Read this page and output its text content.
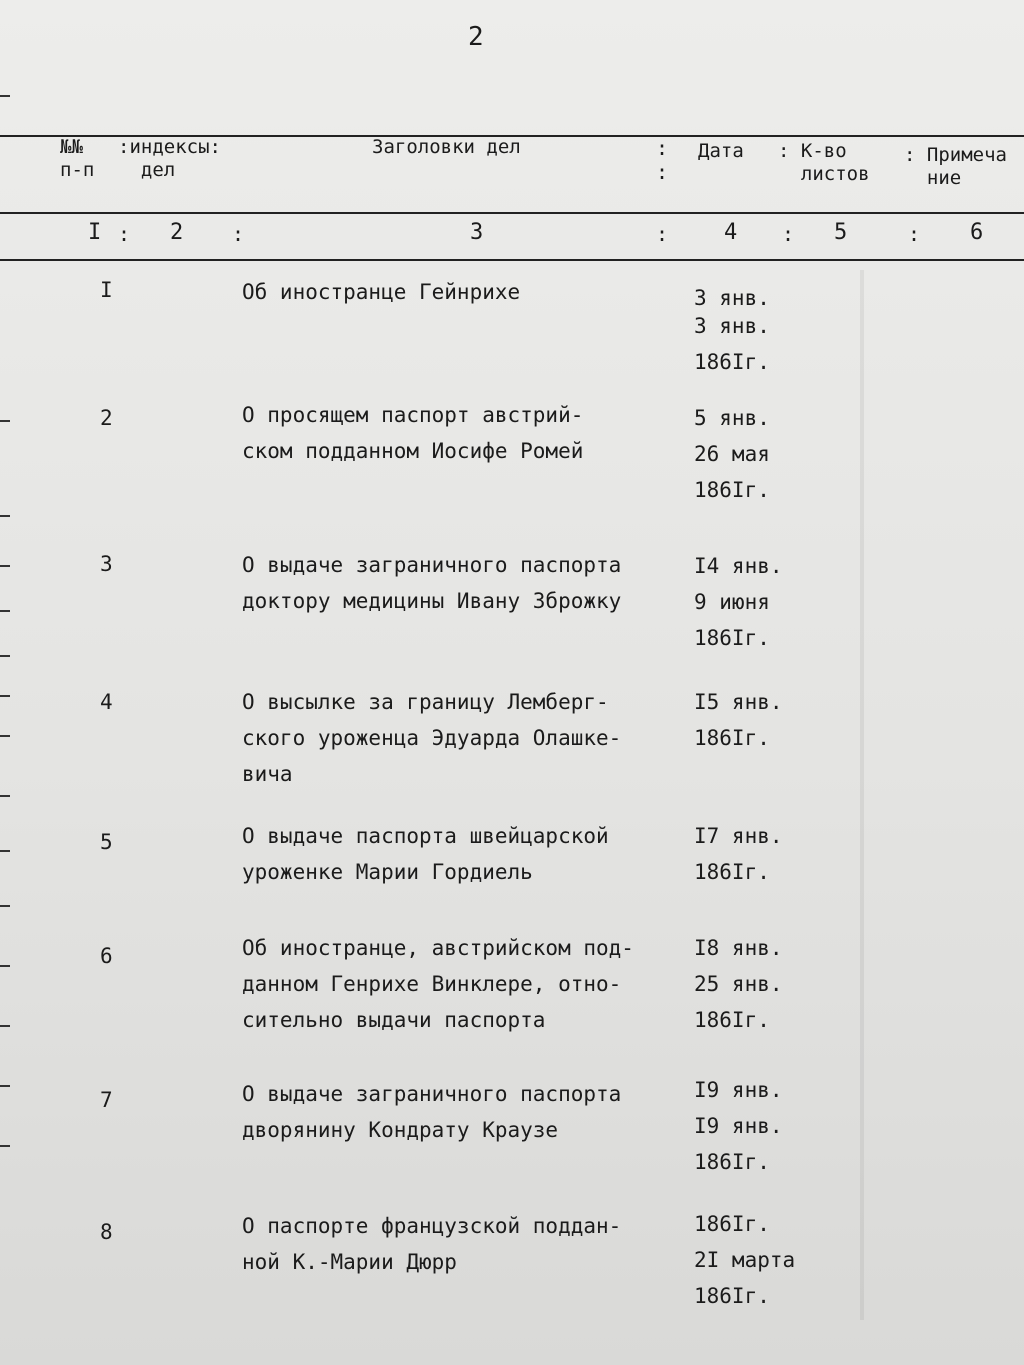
2
№№
п-п
:индексы:
дел
Заголовки дел	:
:
Дата : К-во
листов
: Примеча
ние
I : 2 :	3	:	4 : 5	: 6
I	Об иностранце Гейнрихе	3 янв.
3 янв.
186Iг.
2	О просящем паспорт австрий-
ском подданном Иосифе Ромей
5 янв.
26 мая
186Iг.
3	О выдаче заграничного паспорта
доктору медицины Ивану Зброжку
I4 янв.
9 июня
186Iг.
4	О высылке за границу Лемберг-
ского уроженца Эдуарда Олашке-
вича
I5 янв.
186Iг.
5	О выдаче паспорта швейцарской
уроженке Марии Гордиель
I7 янв.
186Iг.
6	Об иностранце, австрийском под-
данном Генрихе Винклере, отно-
сительно выдачи паспорта
I8 янв.
25 янв.
186Iг.
7	О выдаче заграничного паспорта
дворянину Кондрату Краузе
I9 янв.
I9 янв.
186Iг.
8	О паспорте французской поддан-
ной К.-Марии Дюрр
186Iг.
2I марта
186Iг.
